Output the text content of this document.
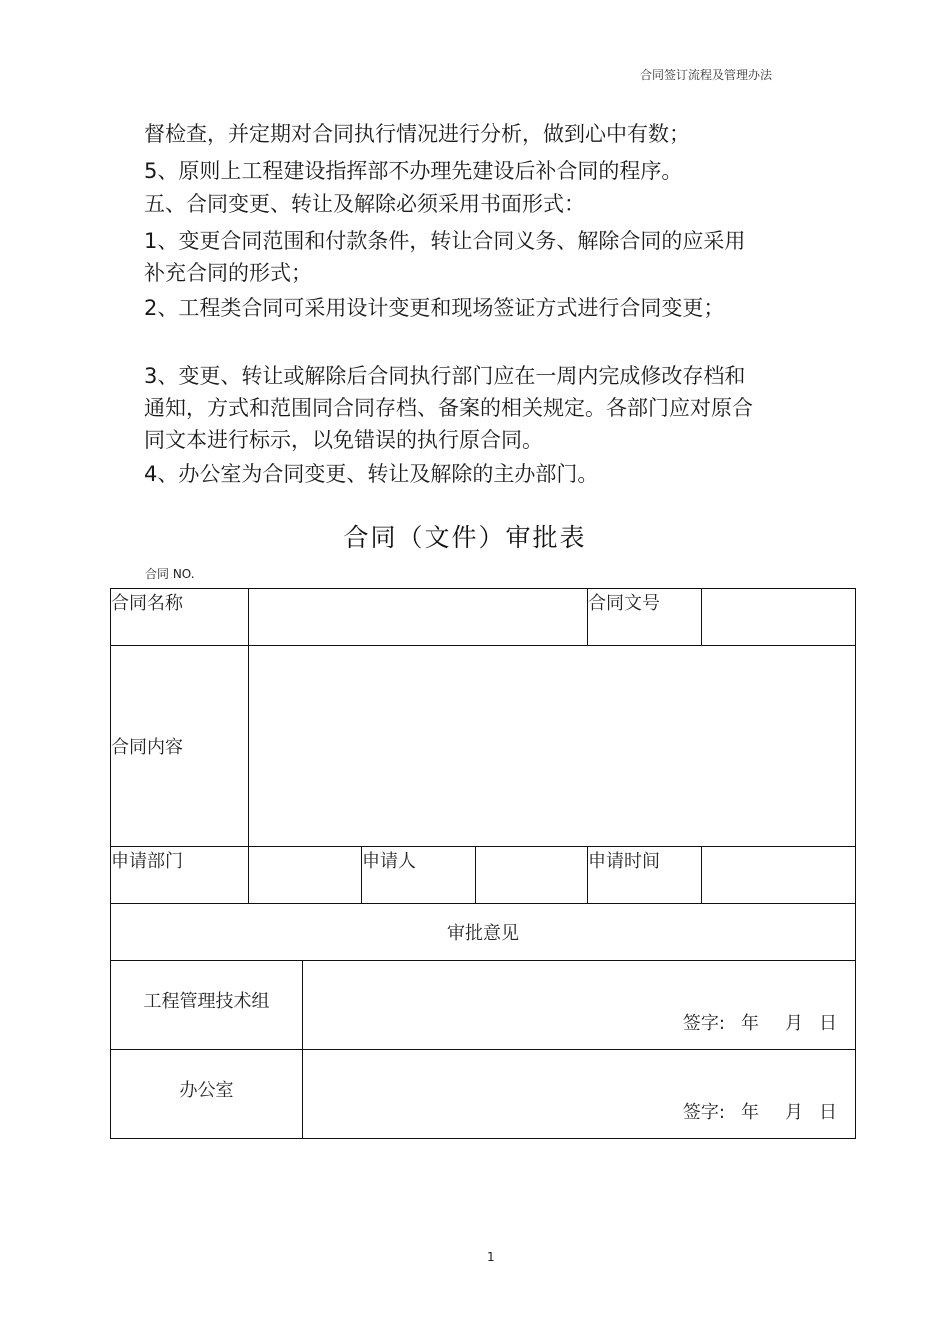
合同签订流程及管理办法
督检查，并定期对合同执行情况进行分析，做到心中有数；
5、原则上工程建设指挥部不办理先建设后补合同的程序。
五、合同变更、转让及解除必须采用书面形式：
1、变更合同范围和付款条件，转让合同义务、解除合同的应采用补充合同的形式；
2、工程类合同可采用设计变更和现场签证方式进行合同变更；
3、变更、转让或解除后合同执行部门应在一周内完成修改存档和通知，方式和范围同合同存档、备案的相关规定。各部门应对原合同文本进行标示，以免错误的执行原合同。
4、办公室为合同变更、转让及解除的主办部门。
合同（文件）审批表
合同 NO.
合同名称					合同文号	
合同内容						
申请部门			申请人		申请时间	
审批意见						
工程管理技术组		签字: 年 月 日				

办公室		签字: 年 月 日				
1
